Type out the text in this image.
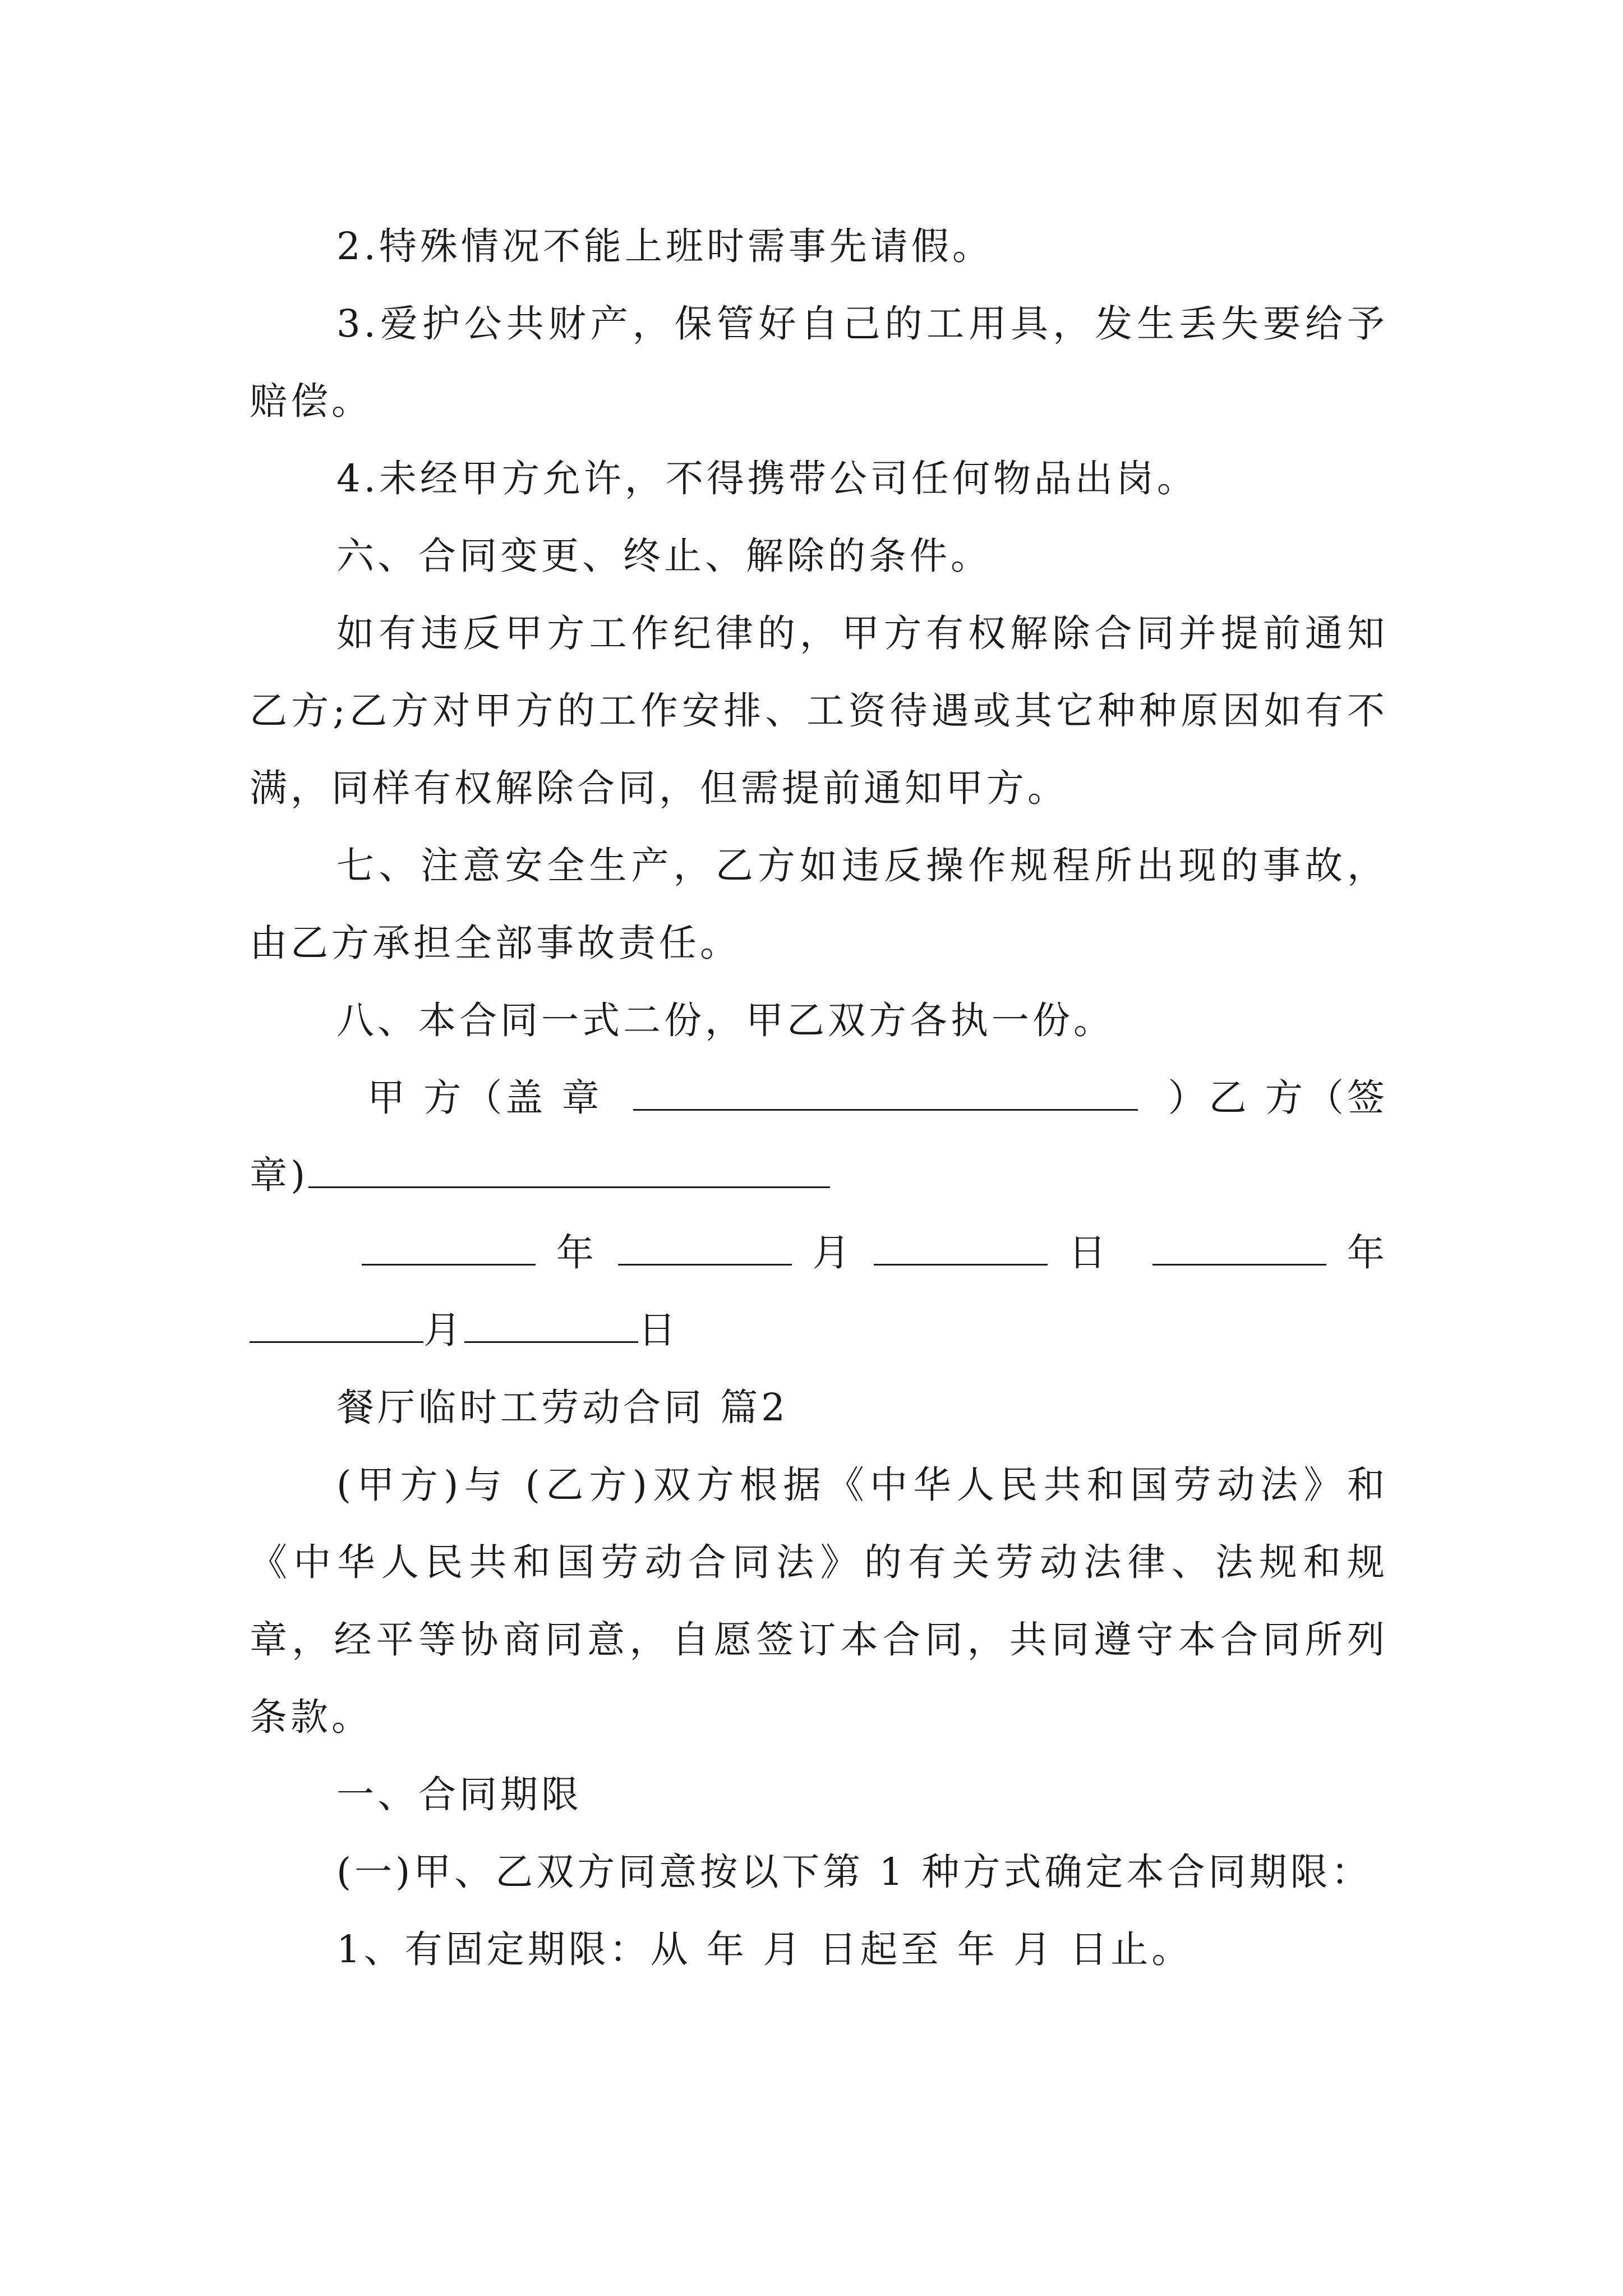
2.特殊情况不能上班时需事先请假。

3.爱护公共财产，保管好自己的工用具，发生丢失要给予赔偿。

4.未经甲方允许，不得携带公司任何物品出岗。

六、合同变更、终止、解除的条件。

如有违反甲方工作纪律的，甲方有权解除合同并提前通知乙方;乙方对甲方的工作安排、工资待遇或其它种种原因如有不满，同样有权解除合同，但需提前通知甲方。

七、注意安全生产，乙方如违反操作规程所出现的事故，由乙方承担全部事故责任。

八、本合同一式二份，甲乙双方各执一份。

甲 方（盖 章	）乙 方（签
章)
年	月	日	年
月	日

餐厅临时工劳动合同 篇2

(甲方)与 (乙方)双方根据《中华人民共和国劳动法》和《中华人民共和国劳动合同法》的有关劳动法律、法规和规章，经平等协商同意，自愿签订本合同，共同遵守本合同所列条款。

一、合同期限

(一)甲、乙双方同意按以下第 1 种方式确定本合同期限：

1、有固定期限：从 年 月 日起至 年 月 日止。
